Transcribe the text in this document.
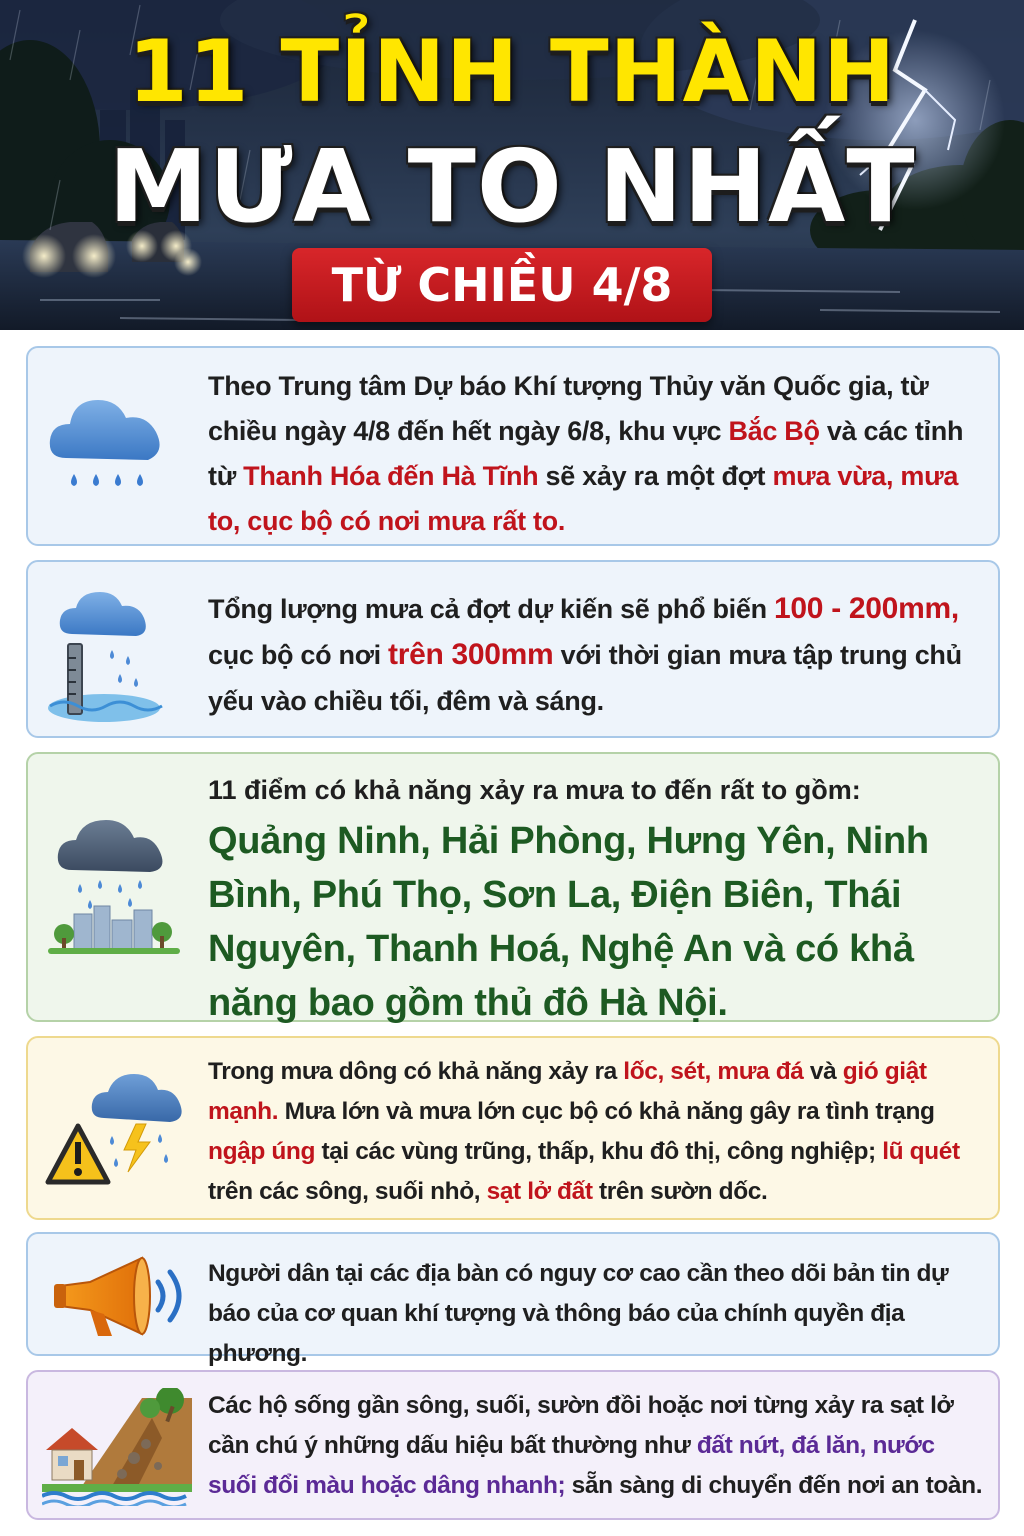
11 TỈNH THÀNH
MƯA TO NHẤT
TỪ CHIỀU 4/8
Theo Trung tâm Dự báo Khí tượng Thủy văn Quốc gia, từ chiều ngày 4/8 đến hết ngày 6/8, khu vực Bắc Bộ và các tỉnh từ Thanh Hóa đến Hà Tĩnh sẽ xảy ra một đợt mưa vừa, mưa to, cục bộ có nơi mưa rất to.
Tổng lượng mưa cả đợt dự kiến sẽ phổ biến 100 - 200mm, cục bộ có nơi trên 300mm với thời gian mưa tập trung chủ yếu vào chiều tối, đêm và sáng.
11 điểm có khả năng xảy ra mưa to đến rất to gồm:
Quảng Ninh, Hải Phòng, Hưng Yên, Ninh Bình, Phú Thọ, Sơn La, Điện Biên, Thái Nguyên, Thanh Hoá, Nghệ An và có khả năng bao gồm thủ đô Hà Nội.
Trong mưa dông có khả năng xảy ra lốc, sét, mưa đá và gió giật mạnh. Mưa lớn và mưa lớn cục bộ có khả năng gây ra tình trạng ngập úng tại các vùng trũng, thấp, khu đô thị, công nghiệp; lũ quét trên các sông, suối nhỏ, sạt lở đất trên sườn dốc.
Người dân tại các địa bàn có nguy cơ cao cần theo dõi bản tin dự báo của cơ quan khí tượng và thông báo của chính quyền địa phương.
Các hộ sống gần sông, suối, sườn đồi hoặc nơi từng xảy ra sạt lở cần chú ý những dấu hiệu bất thường như đất nứt, đá lăn, nước suối đổi màu hoặc dâng nhanh; sẵn sàng di chuyển đến nơi an toàn.
